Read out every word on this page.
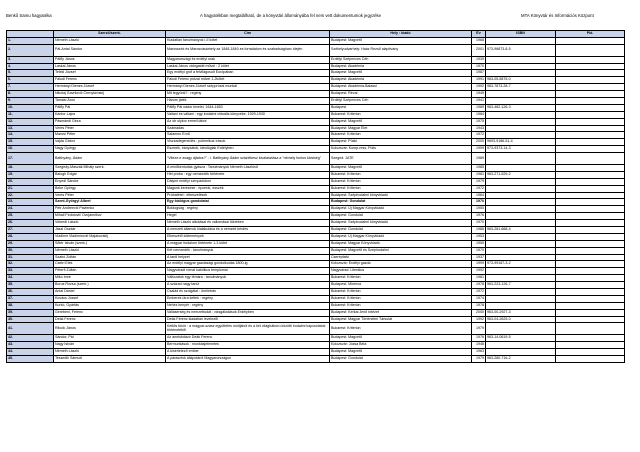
Benkő Samu hagyatéka	A hagyatékban megtalálható, de a könyvtári állományába fel nem vett dokumentumok jegyzéke	MTA Könyvtár és Információs Központ
	Szerző/szerk.	Cím	Hely : kiadó	Év	ISBN	Pld.
1.	Németh László	Kiadatlan tanulmányok I-II kötet	Budapest: Magvető	1968		
2.	Pál-Antal Sándor	Marosszék és Marosvásárhely az 1848-1849-es forradalom és szabadságharc idején	Székelyudvarhely: Haáz Rezső alapítvány	2001	973-96873-8-5	
3.	Pálffy János	Magyarországi és erdélyi urak	Erdélyi Szépmíves Céh	1939		
4.	Laskai János	Laskai János válogatott művei : 2 kötet	Budapest: Akadémia	1970		
5.	Teleki József	Egy erdélyi gróf a felvilágosult Európában	Budapest: Magvető	1987		
6.	Faludi Ferenc	Faludi Ferenc prózai művei 1-2kötet	Budapest: Akadémia	1991	963-05-5875-0	
7.	Hermányi Dienes József	Hermányi Dienes József szépprózai munkái	Budapest: Akadémia-Balassi	1992	963-7873-28-7	
8.	Nikolaj Gavrilovič Černyševskij	Mit tegyünk? : regény	Budapest: Révai	1949		
9.	Tamási Áron	Három játék	Erdélyi Szépmíves Céh	1941		
10.	Pálffy Pál	Pálffy Pál nádor levelei, 1644-1653	Budapest	1989	963-462-126-3	
11.	Kántor Lajos	Valtani és váltani : egy irodalmi virtuális könyvéke, 1929-1930	Bukarest: Kriterion	1984		
12.	Pásmándi Géza	Az ob olykor ermeli tábot	Budapest: Magvető	1975		
13.	Veres Péter	Számadás	Budapest: Magyar Élet	1943		
14.	Marosi Péter	Salamon Ernő	Bukarest: Kriterion	1972		
15.	Vajda Gábor	Viszzadegenedés : polemikus írások	Budapest: Püski	2000	9693-9186-51-4	
16.	Nagy György	Eszmék, irányzatok, ideológiák Erdélyben	Kolozsvár: Komp-ress, Polis	1999	973-9373-14-3	
17.	Batthyány, Ádám	"Vitéze-e avagy ájtatos?" : I. Batthyány Ádám százlékesz kiválasztása a "némely fontos kicsiség"	Szeged: JATE	1989		
18.	Szegedy-Maszák Mihály szerk.	A minőkentudás gyásza : Tanulmányok Németh Lászlóról	Budapest: Magvető	1985		
19.	Balogh Edgár	Hét próba : egy nemzedék története	Bukarest: Kriterion	1981	963-271-529-2	
20.	Enyedi Sándor	Dályné erdélyi színpadokon	Bukarest: Kriterion	1979		
21.	Beke György	Magunk keresése : riportok, esszék	Bukarest: Kriterion	1972		
22.	Veres Péter	Próbatétel : elbeszélések	Budapest: Szépirodalmi könyvkiadó	1964		
23.	Szent-Györgyi Albert	Egy biológus gondolatai	Budapest: Gondolat	1970		
24.	Petr Andreevič Pavlenko	Boldogság : regény	Budapest: Új Magyar Könyvkiadó	1950		
25.	Mihail Fedotovič Ovcjannikov	Hegel	Budapest: Gondolat	1976		
26.	Vekerdi László	Németh László alkotásai és vallomásai tükrében	Budapest: Szépirodalmi könyvkiadó	1970		
27.	Jászi Oszkár	A nemzeti államok kialakulása és a nemzeti kérdés	Budapest: Gondolat	1986	963-281-668-4	
28.	Vladimir Vladimirovič Majakovskij	Elbeszélő költemények	Budapest: Új Magyar Könyvkiadó	1953		
29.	Sőtér István (szerk.)	A magyar irodalom története 1-3 kötet	Budapest: Magyar Könyvkiadó	1955		
30.	Németh László	Két nemzedék : tanulmányok	Budapest: Magvető és Szépirodalmi	1970		
31.	Szabó Zoltán	A tardi helyzet	Cserépfalvi	1937		
32.	Csetri Elek	Az erdélyi magyar gazdasági gondolkodás 1800-ig	Kolozsvár: Erdélyi gazda	1999	973-99167-3-2	
33.	Péterfi Zoltán	Nagyváradi római katolikus templomai	Nagyvárad: Literátus	1992		
34.	Mikó Imre	Változatok egy témára : tanulmányok	Bukarest: Kriterion	1981		
35.	Borus Rózsa (szerk.)	A század nagy tanúi	Budapest: Minerva	1978	963-223-126-7	
36.	Antal Dániel	Család és szolgálat : önéletrás	Bukarest: Kriterion	1972		
37.	Kovács József	Emberek útra keltek : regény	Bukarest: Kriterion	1974		
38.	Kurkó, Gyárfás	Nehéz kenyér : regény	Bukarest: Kriterion	1978		
39.	Gerebeni, Ferenc	Valláserség és nemzettudat : vizsgálódások Erdélyben	Budapest: Kerkai Jenő Intézet	2000	963-00-2927-3	
40.	Deák Ferenc	Deák Ferenc kiadatlan levelezői	Budapest: Magyar Történelmi Társulat	1992	963-04-2625-0	
41.	Ritoók János	Kettős tükör : a magyar-szász együttélés múltjából és a két világháború közötti irodalmi kapcsolatok történetéből	Bukarest: Kriterion	1979		
42.	Sándor, Pál	Az anekdotázó Deák Ferenc	Budapest: Magvető	1976	963-14-0619-5	
43.	Nagy István	Bérmunkások : munkásjelenetek	Kolozsvár: Józsa Béla	1946		
44.	Németh László	A kísérletező ember	Budapest: Magvető	1963		
45.	Tessedik Sámuel	A parasztok állapotáról Magyarországon	Budapest: Gondolat	1979	963-280-716-2	
